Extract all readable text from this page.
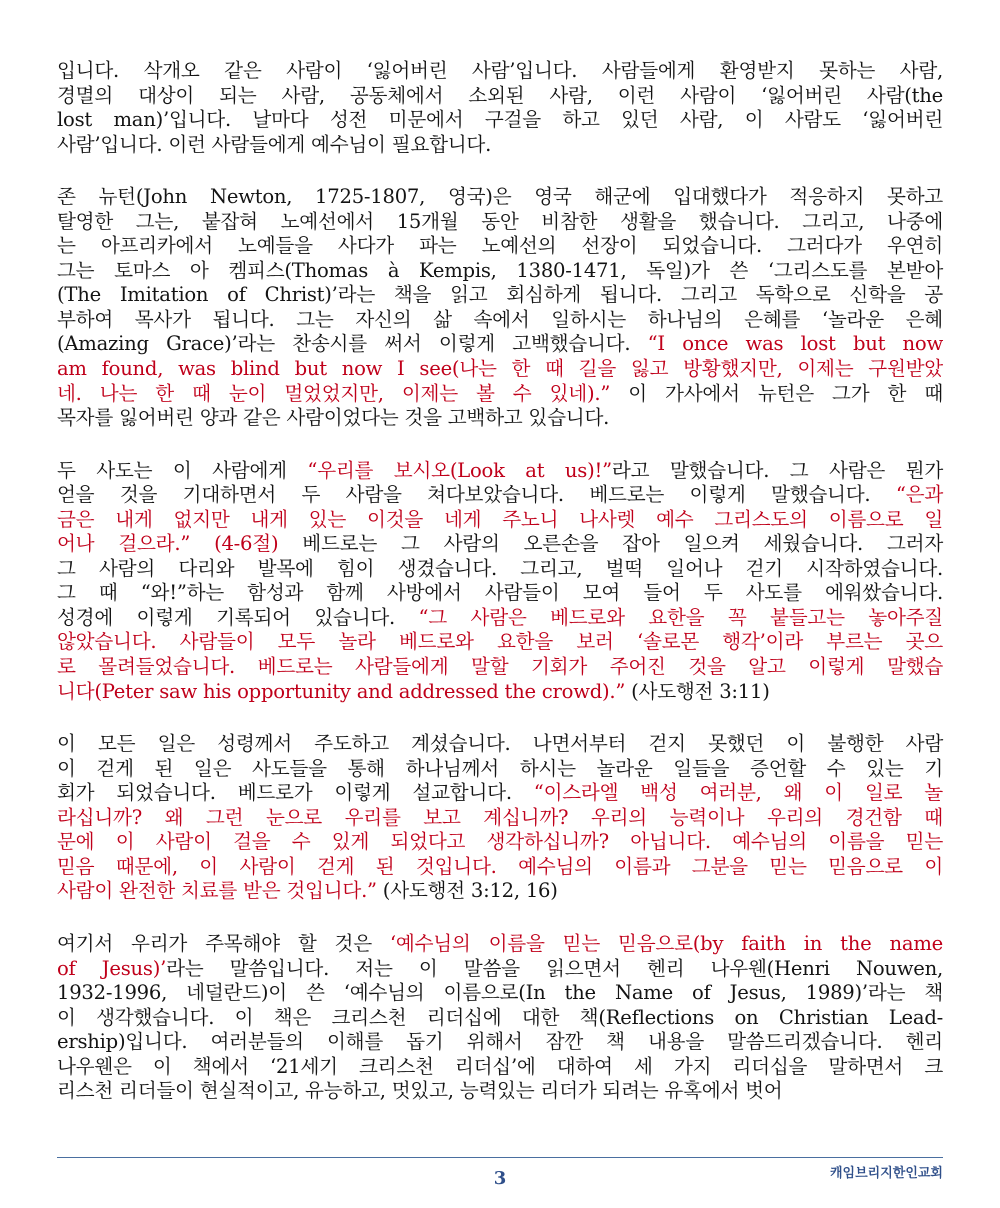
입니다. 삭개오 같은 사람이 ‘잃어버린 사람’입니다. 사람들에게 환영받지 못하는 사람,
경멸의 대상이 되는 사람, 공동체에서 소외된 사람, 이런 사람이 ‘잃어버린 사람(the
lost man)’입니다. 날마다 성전 미문에서 구걸을 하고 있던 사람, 이 사람도 ‘잃어버린
사람’입니다. 이런 사람들에게 예수님이 필요합니다.
존 뉴턴(John Newton, 1725-1807, 영국)은 영국 해군에 입대했다가 적응하지 못하고
탈영한 그는, 붙잡혀 노예선에서 15개월 동안 비참한 생활을 했습니다. 그리고, 나중에
는 아프리카에서 노예들을 사다가 파는 노예선의 선장이 되었습니다. 그러다가 우연히
그는 토마스 아 켐피스(Thomas à Kempis, 1380-1471, 독일)가 쓴 ‘그리스도를 본받아
(The Imitation of Christ)’라는 책을 읽고 회심하게 됩니다. 그리고 독학으로 신학을 공
부하여 목사가 됩니다. 그는 자신의 삶 속에서 일하시는 하나님의 은혜를 ‘놀라운 은혜
(Amazing Grace)’라는 찬송시를 써서 이렇게 고백했습니다. “I once was lost but now
am found, was blind but now I see(나는 한 때 길을 잃고 방황했지만, 이제는 구원받았
네. 나는 한 때 눈이 멀었었지만, 이제는 볼 수 있네).” 이 가사에서 뉴턴은 그가 한 때
목자를 잃어버린 양과 같은 사람이었다는 것을 고백하고 있습니다.
두 사도는 이 사람에게 “우리를 보시오(Look at us)!”라고 말했습니다. 그 사람은 뭔가
얻을 것을 기대하면서 두 사람을 쳐다보았습니다. 베드로는 이렇게 말했습니다. “은과
금은 내게 없지만 내게 있는 이것을 네게 주노니 나사렛 예수 그리스도의 이름으로 일
어나 걸으라.” (4-6절) 베드로는 그 사람의 오른손을 잡아 일으켜 세웠습니다. 그러자
그 사람의 다리와 발목에 힘이 생겼습니다. 그리고, 벌떡 일어나 걷기 시작하였습니다.
그 때 “와!”하는 함성과 함께 사방에서 사람들이 모여 들어 두 사도를 에워쌌습니다.
성경에 이렇게 기록되어 있습니다. “그 사람은 베드로와 요한을 꼭 붙들고는 놓아주질
않았습니다. 사람들이 모두 놀라 베드로와 요한을 보러 ‘솔로몬 행각’이라 부르는 곳으
로 몰려들었습니다. 베드로는 사람들에게 말할 기회가 주어진 것을 알고 이렇게 말했습
니다(Peter saw his opportunity and addressed the crowd).” (사도행전 3:11)
이 모든 일은 성령께서 주도하고 계셨습니다. 나면서부터 걷지 못했던 이 불행한 사람
이 걷게 된 일은 사도들을 통해 하나님께서 하시는 놀라운 일들을 증언할 수 있는 기
회가 되었습니다. 베드로가 이렇게 설교합니다. “이스라엘 백성 여러분, 왜 이 일로 놀
라십니까? 왜 그런 눈으로 우리를 보고 계십니까? 우리의 능력이나 우리의 경건함 때
문에 이 사람이 걸을 수 있게 되었다고 생각하십니까? 아닙니다. 예수님의 이름을 믿는
믿음 때문에, 이 사람이 걷게 된 것입니다. 예수님의 이름과 그분을 믿는 믿음으로 이
사람이 완전한 치료를 받은 것입니다.” (사도행전 3:12, 16)
여기서 우리가 주목해야 할 것은 ‘예수님의 이름을 믿는 믿음으로(by faith in the name
of Jesus)’라는 말씀입니다. 저는 이 말씀을 읽으면서 헨리 나우웬(Henri Nouwen,
1932-1996, 네덜란드)이 쓴 ‘예수님의 이름으로(In the Name of Jesus, 1989)’라는 책
이 생각했습니다. 이 책은 크리스천 리더십에 대한 책(Reflections on Christian Lead-
ership)입니다. 여러분들의 이해를 돕기 위해서 잠깐 책 내용을 말씀드리겠습니다. 헨리
나우웬은 이 책에서 ‘21세기 크리스천 리더십’에 대하여 세 가지 리더십을 말하면서 크
리스천 리더들이 현실적이고, 유능하고, 멋있고, 능력있는 리더가 되려는 유혹에서 벗어
3	캐임브리지한인교회
